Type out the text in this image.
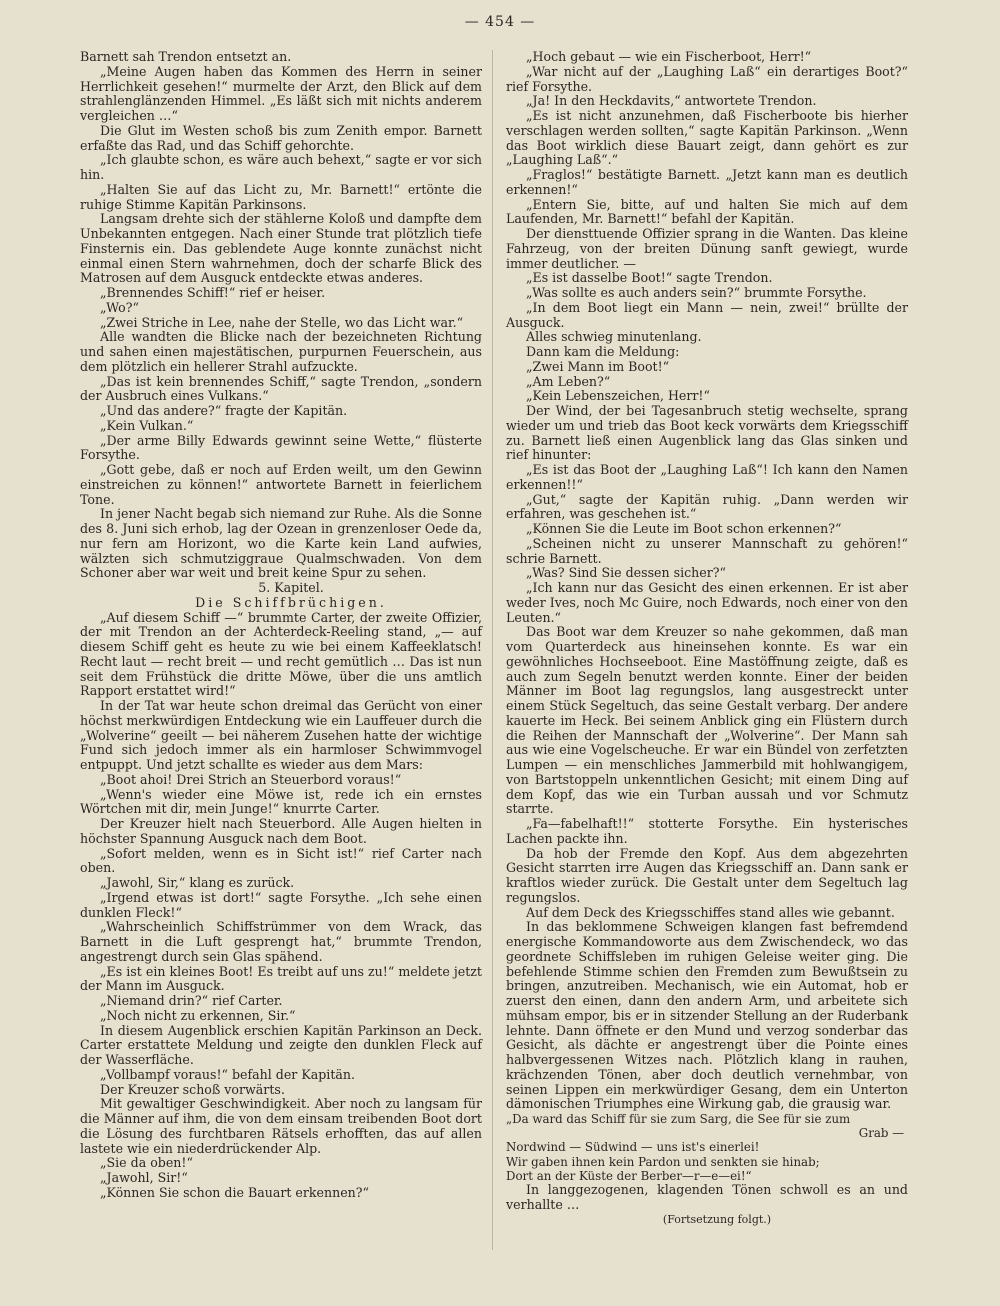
— 454 —

Barnett sah Trendon entsetzt an.

„Meine Augen haben das Kommen des Herrn in seiner Herrlichkeit gesehen!“ murmelte der Arzt, den Blick auf dem strahlenglänzenden Himmel. „Es läßt sich mit nichts anderem vergleichen …“

Die Glut im Westen schoß bis zum Zenith empor. Barnett erfaßte das Rad, und das Schiff gehorchte.

„Ich glaubte schon, es wäre auch behext,“ sagte er vor sich hin.

„Halten Sie auf das Licht zu, Mr. Barnett!“ ertönte die ruhige Stimme Kapitän Parkinsons.

Langsam drehte sich der stählerne Koloß und dampfte dem Unbekannten entgegen. Nach einer Stunde trat plötzlich tiefe Finsternis ein. Das geblendete Auge konnte zunächst nicht einmal einen Stern wahrnehmen, doch der scharfe Blick des Matrosen auf dem Ausguck entdeckte etwas anderes.

„Brennendes Schiff!“ rief er heiser.

„Wo?“

„Zwei Striche in Lee, nahe der Stelle, wo das Licht war.“

Alle wandten die Blicke nach der bezeichneten Richtung und sahen einen majestätischen, purpurnen Feuerschein, aus dem plötzlich ein hellerer Strahl aufzuckte.

„Das ist kein brennendes Schiff,“ sagte Trendon, „sondern der Ausbruch eines Vulkans.“

„Und das andere?“ fragte der Kapitän.

„Kein Vulkan.“

„Der arme Billy Edwards gewinnt seine Wette,“ flüsterte Forsythe.

„Gott gebe, daß er noch auf Erden weilt, um den Gewinn einstreichen zu können!“ antwortete Barnett in feierlichem Tone.

In jener Nacht begab sich niemand zur Ruhe. Als die Sonne des 8. Juni sich erhob, lag der Ozean in grenzenloser Oede da, nur fern am Horizont, wo die Karte kein Land aufwies, wälzten sich schmutziggraue Qualmschwaden. Von dem Schoner aber war weit und breit keine Spur zu sehen.

5. Kapitel.

Die Schiffbrüchigen.

„Auf diesem Schiff —“ brummte Carter, der zweite Offizier, der mit Trendon an der Achterdeck-Reeling stand, „— auf diesem Schiff geht es heute zu wie bei einem Kaffeeklatsch! Recht laut — recht breit — und recht gemütlich … Das ist nun seit dem Frühstück die dritte Möwe, über die uns amtlich Rapport erstattet wird!“

In der Tat war heute schon dreimal das Gerücht von einer höchst merkwürdigen Entdeckung wie ein Lauffeuer durch die „Wolverine“ geeilt — bei näherem Zusehen hatte der wichtige Fund sich jedoch immer als ein harmloser Schwimmvogel entpuppt. Und jetzt schallte es wieder aus dem Mars:

„Boot ahoi! Drei Strich an Steuerbord voraus!“

„Wenn's wieder eine Möwe ist, rede ich ein ernstes Wörtchen mit dir, mein Junge!“ knurrte Carter.

Der Kreuzer hielt nach Steuerbord. Alle Augen hielten in höchster Spannung Ausguck nach dem Boot.

„Sofort melden, wenn es in Sicht ist!“ rief Carter nach oben.

„Jawohl, Sir,“ klang es zurück.

„Irgend etwas ist dort!“ sagte Forsythe. „Ich sehe einen dunklen Fleck!“

„Wahrscheinlich Schiffstrümmer von dem Wrack, das Barnett in die Luft gesprengt hat,“ brummte Trendon, angestrengt durch sein Glas spähend.

„Es ist ein kleines Boot! Es treibt auf uns zu!“ meldete jetzt der Mann im Ausguck.

„Niemand drin?“ rief Carter.

„Noch nicht zu erkennen, Sir.“

In diesem Augenblick erschien Kapitän Parkinson an Deck. Carter erstattete Meldung und zeigte den dunklen Fleck auf der Wasserfläche.

„Vollbampf voraus!“ befahl der Kapitän.

Der Kreuzer schoß vorwärts.

Mit gewaltiger Geschwindigkeit. Aber noch zu langsam für die Männer auf ihm, die von dem einsam treibenden Boot dort die Lösung des furchtbaren Rätsels erhofften, das auf allen lastete wie ein niederdrückender Alp.

„Sie da oben!“

„Jawohl, Sir!“

„Können Sie schon die Bauart erkennen?“

„Hoch gebaut — wie ein Fischerboot, Herr!“

„War nicht auf der „Laughing Laß“ ein derartiges Boot?“ rief Forsythe.

„Ja! In den Heckdavits,“ antwortete Trendon.

„Es ist nicht anzunehmen, daß Fischerboote bis hierher verschlagen werden sollten,“ sagte Kapitän Parkinson. „Wenn das Boot wirklich diese Bauart zeigt, dann gehört es zur „Laughing Laß“.“

„Fraglos!“ bestätigte Barnett. „Jetzt kann man es deutlich erkennen!“

„Entern Sie, bitte, auf und halten Sie mich auf dem Laufenden, Mr. Barnett!“ befahl der Kapitän.

Der diensttuende Offizier sprang in die Wanten. Das kleine Fahrzeug, von der breiten Dünung sanft gewiegt, wurde immer deutlicher. —

„Es ist dasselbe Boot!“ sagte Trendon.

„Was sollte es auch anders sein?“ brummte Forsythe.

„In dem Boot liegt ein Mann — nein, zwei!“ brüllte der Ausguck.

Alles schwieg minutenlang.

Dann kam die Meldung:

„Zwei Mann im Boot!“

„Am Leben?“

„Kein Lebenszeichen, Herr!“

Der Wind, der bei Tagesanbruch stetig wechselte, sprang wieder um und trieb das Boot keck vorwärts dem Kriegsschiff zu. Barnett ließ einen Augenblick lang das Glas sinken und rief hinunter:

„Es ist das Boot der „Laughing Laß“! Ich kann den Namen erkennen!!“

„Gut,“ sagte der Kapitän ruhig. „Dann werden wir erfahren, was geschehen ist.“

„Können Sie die Leute im Boot schon erkennen?“

„Scheinen nicht zu unserer Mannschaft zu gehören!“ schrie Barnett.

„Was? Sind Sie dessen sicher?“

„Ich kann nur das Gesicht des einen erkennen. Er ist aber weder Ives, noch Mc Guire, noch Edwards, noch einer von den Leuten.“

Das Boot war dem Kreuzer so nahe gekommen, daß man vom Quarterdeck aus hineinsehen konnte. Es war ein gewöhnliches Hochseeboot. Eine Mastöffnung zeigte, daß es auch zum Segeln benutzt werden konnte. Einer der beiden Männer im Boot lag regungslos, lang ausgestreckt unter einem Stück Segeltuch, das seine Gestalt verbarg. Der andere kauerte im Heck. Bei seinem Anblick ging ein Flüstern durch die Reihen der Mannschaft der „Wolverine“. Der Mann sah aus wie eine Vogelscheuche. Er war ein Bündel von zerfetzten Lumpen — ein menschliches Jammerbild mit hohlwangigem, von Bartstoppeln unkenntlichen Gesicht; mit einem Ding auf dem Kopf, das wie ein Turban aussah und vor Schmutz starrte.

„Fa—fabelhaft!!“ stotterte Forsythe. Ein hysterisches Lachen packte ihn.

Da hob der Fremde den Kopf. Aus dem abgezehrten Gesicht starrten irre Augen das Kriegsschiff an. Dann sank er kraftlos wieder zurück. Die Gestalt unter dem Segeltuch lag regungslos.

Auf dem Deck des Kriegsschiffes stand alles wie gebannt.

In das beklommene Schweigen klangen fast befremdend energische Kommandoworte aus dem Zwischendeck, wo das geordnete Schiffsleben im ruhigen Geleise weiter ging. Die befehlende Stimme schien den Fremden zum Bewußtsein zu bringen, anzutreiben. Mechanisch, wie ein Automat, hob er zuerst den einen, dann den andern Arm, und arbeitete sich mühsam empor, bis er in sitzender Stellung an der Ruderbank lehnte. Dann öffnete er den Mund und verzog sonderbar das Gesicht, als dächte er angestrengt über die Pointe eines halbvergessenen Witzes nach. Plötzlich klang in rauhen, krächzenden Tönen, aber doch deutlich vernehmbar, von seinen Lippen ein merkwürdiger Gesang, dem ein Unterton dämonischen Triumphes eine Wirkung gab, die grausig war.

„Da ward das Schiff für sie zum Sarg, die See für sie zum
Grab —
Nordwind — Südwind — uns ist's einerlei!
Wir gaben ihnen kein Pardon und senkten sie hinab;
Dort an der Küste der Berber—r—e—ei!“

In langgezogenen, klagenden Tönen schwoll es an und verhallte …

(Fortsetzung folgt.)
